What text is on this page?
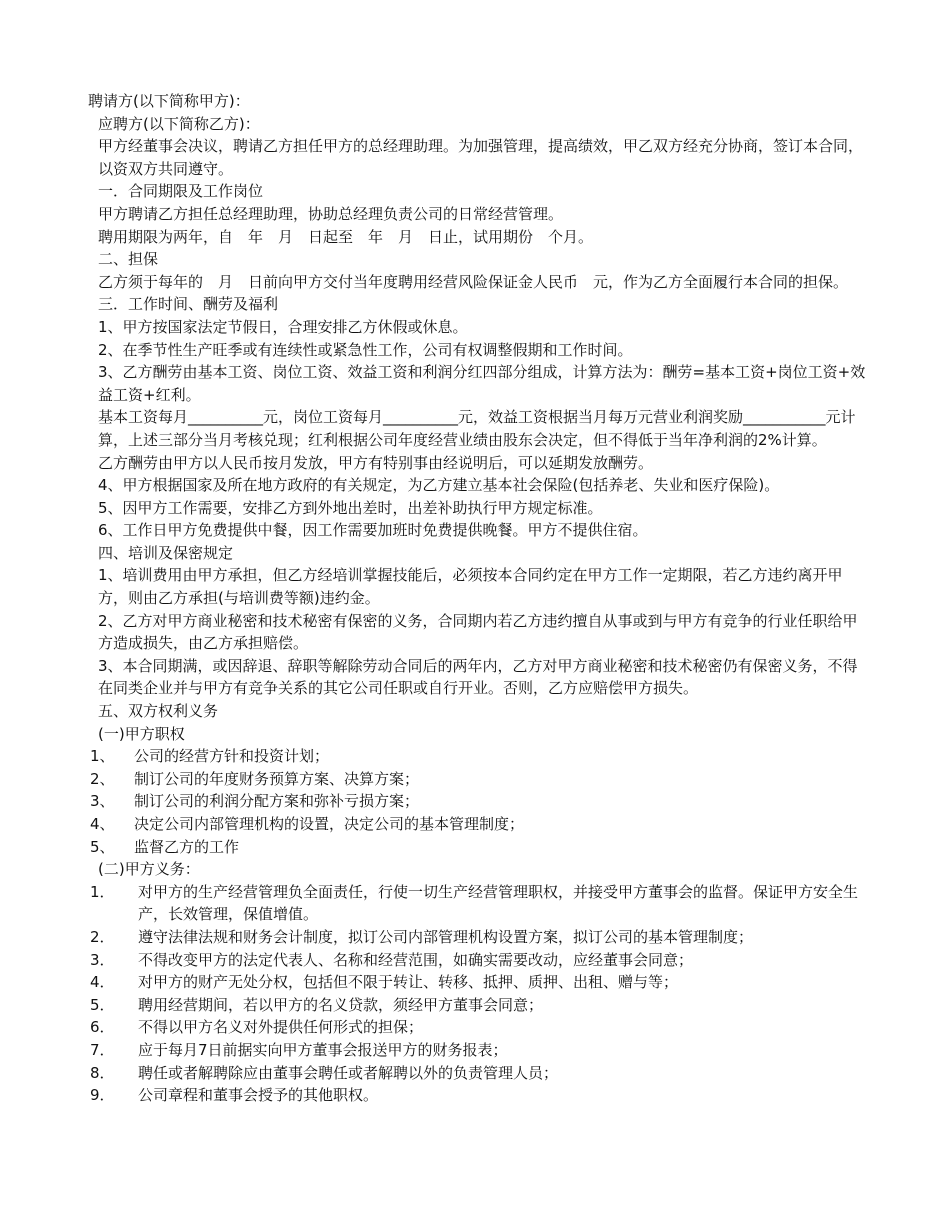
聘请方(以下简称甲方)：

应聘方(以下简称乙方)：

甲方经董事会决议，聘请乙方担任甲方的总经理助理。为加强管理，提高绩效，甲乙双方经充分协商，签订本合同，以资双方共同遵守。

一．合同期限及工作岗位

甲方聘请乙方担任总经理助理，协助总经理负责公司的日常经营管理。

聘用期限为两年，自　年　月　日起至　年　月　日止，试用期份　个月。

二、担保

乙方须于每年的　月　日前向甲方交付当年度聘用经营风险保证金人民币　元，作为乙方全面履行本合同的担保。

三．工作时间、酬劳及福利

1、甲方按国家法定节假日，合理安排乙方休假或休息。

2、在季节性生产旺季或有连续性或紧急性工作，公司有权调整假期和工作时间。

3、乙方酬劳由基本工资、岗位工资、效益工资和利润分红四部分组成，计算方法为：酬劳=基本工资+岗位工资+效益工资+红利。

基本工资每月__________元，岗位工资每月__________元，效益工资根据当月每万元营业利润奖励___________元计算，上述三部分当月考核兑现；红利根据公司年度经营业绩由股东会决定，但不得低于当年净利润的2%计算。

乙方酬劳由甲方以人民币按月发放，甲方有特别事由经说明后，可以延期发放酬劳。

4、甲方根据国家及所在地方政府的有关规定，为乙方建立基本社会保险(包括养老、失业和医疗保险)。

5、因甲方工作需要，安排乙方到外地出差时，出差补助执行甲方规定标准。

6、工作日甲方免费提供中餐，因工作需要加班时免费提供晚餐。甲方不提供住宿。

四、培训及保密规定

1、培训费用由甲方承担，但乙方经培训掌握技能后，必须按本合同约定在甲方工作一定期限，若乙方违约离开甲方，则由乙方承担(与培训费等额)违约金。

2、乙方对甲方商业秘密和技术秘密有保密的义务，合同期内若乙方违约擅自从事或到与甲方有竞争的行业任职给甲方造成损失，由乙方承担赔偿。

3、本合同期满，或因辞退、辞职等解除劳动合同后的两年内，乙方对甲方商业秘密和技术秘密仍有保密义务，不得在同类企业并与甲方有竞争关系的其它公司任职或自行开业。否则，乙方应赔偿甲方损失。

五、双方权利义务

(一)甲方职权

1、	公司的经营方针和投资计划；
2、	制订公司的年度财务预算方案、决算方案；
3、	制订公司的利润分配方案和弥补亏损方案；
4、	决定公司内部管理机构的设置，决定公司的基本管理制度；
5、	监督乙方的工作

(二)甲方义务：

1．	对甲方的生产经营管理负全面责任，行使一切生产经营管理职权，并接受甲方董事会的监督。保证甲方安全生产，长效管理，保值增值。
2．	遵守法律法规和财务会计制度，拟订公司内部管理机构设置方案，拟订公司的基本管理制度；
3．	不得改变甲方的法定代表人、名称和经营范围，如确实需要改动，应经董事会同意；
4．	对甲方的财产无处分权，包括但不限于转让、转移、抵押、质押、出租、赠与等；
5．	聘用经营期间，若以甲方的名义贷款，须经甲方董事会同意；
6．	不得以甲方名义对外提供任何形式的担保；
7．	应于每月7日前据实向甲方董事会报送甲方的财务报表；
8．	聘任或者解聘除应由董事会聘任或者解聘以外的负责管理人员；
9．	公司章程和董事会授予的其他职权。
